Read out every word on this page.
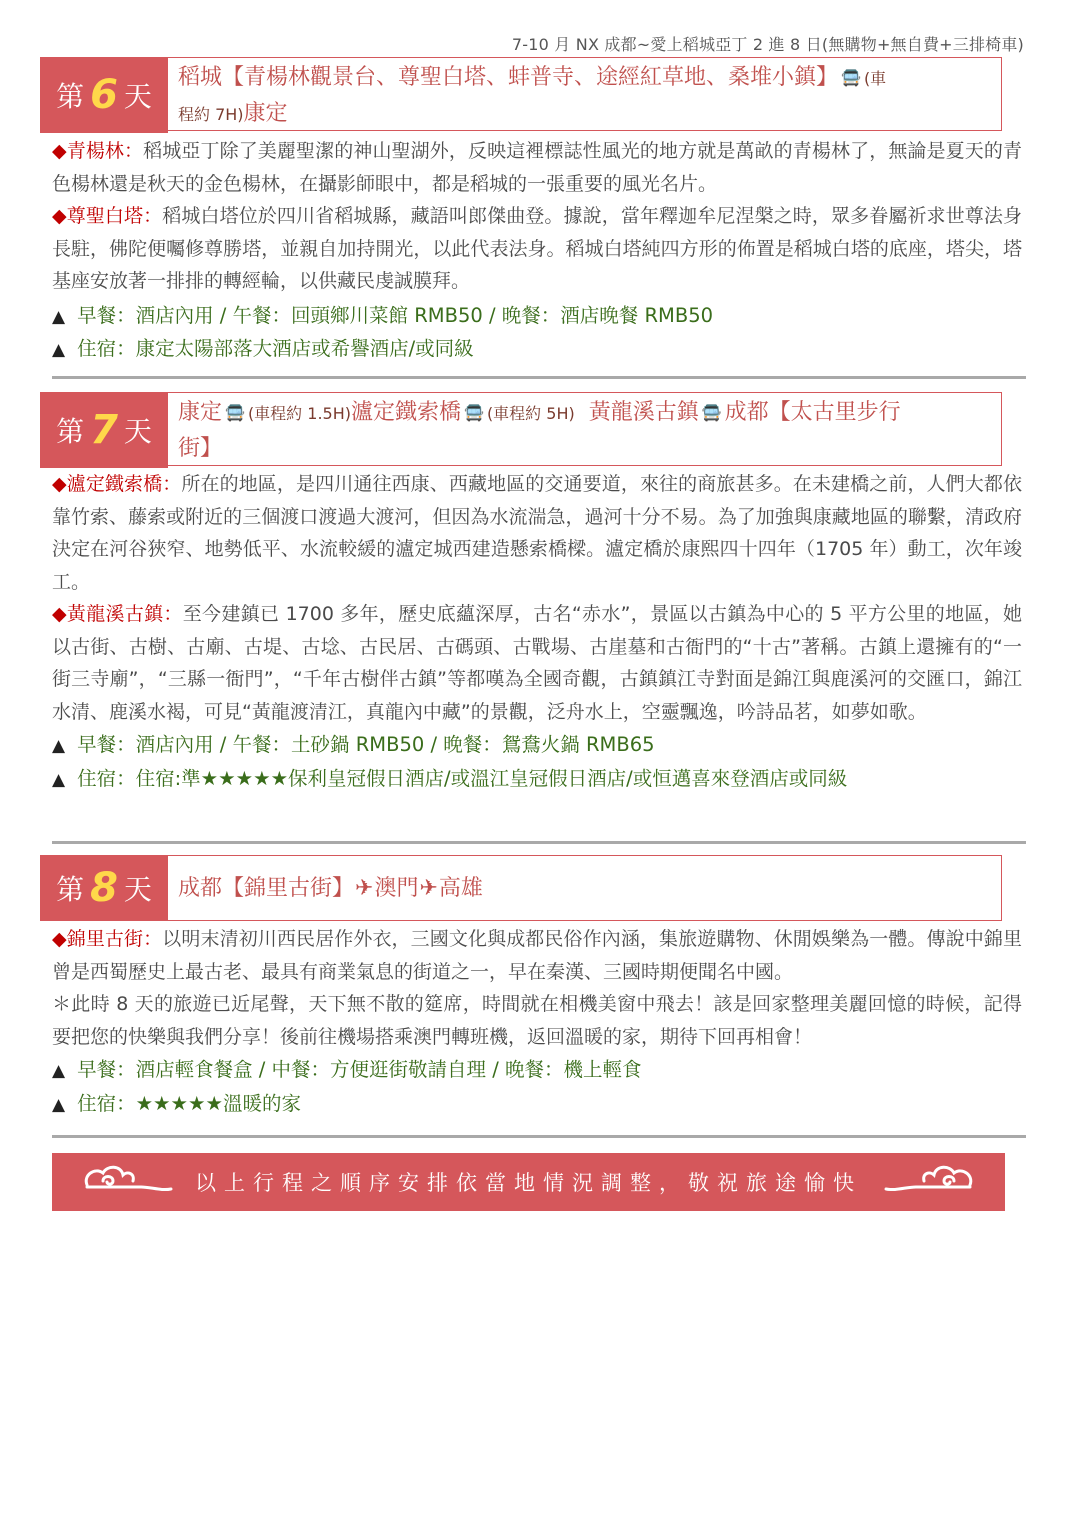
7-10 月 NX 成都~愛上稻城亞丁 2 進 8 日(無購物+無自費+三排椅車)
第 6 天
稻城【青楊林觀景台、尊聖白塔、蚌普寺、途經紅草地、桑堆小鎮】 🚍 (車
程約 7H)康定

◆青楊林：稻城亞丁除了美麗聖潔的神山聖湖外，反映這裡標誌性風光的地方就是萬畝的青楊林了，無論是夏天的青色楊林還是秋天的金色楊林，在攝影師眼中，都是稻城的一張重要的風光名片。

◆尊聖白塔：稻城白塔位於四川省稻城縣，藏語叫郎傑曲登。據說，當年釋迦牟尼涅槃之時，眾多眷屬祈求世尊法身長駐，佛陀便囑修尊勝塔，並親自加持開光，以此代表法身。稻城白塔純四方形的佈置是稻城白塔的底座，塔尖，塔基座安放著一排排的轉經輪，以供藏民虔誠膜拜。

▲ 早餐：酒店內用 / 午餐：回頭鄉川菜館 RMB50 / 晚餐：酒店晚餐 RMB50
▲ 住宿：康定太陽部落大酒店或希譽酒店/或同級
第 7 天
康定 🚍 (車程約 1.5H)瀘定鐵索橋 🚍 (車程約 5H) 黃龍溪古鎮 🚍 成都【太古里步行
街】

◆瀘定鐵索橋：所在的地區，是四川通往西康、西藏地區的交通要道，來往的商旅甚多。在未建橋之前，人們大都依靠竹索、藤索或附近的三個渡口渡過大渡河，但因為水流湍急，過河十分不易。為了加強與康藏地區的聯繫，清政府決定在河谷狹窄、地勢低平、水流較緩的瀘定城西建造懸索橋樑。瀘定橋於康熙四十四年（1705 年）動工，次年竣工。

◆黃龍溪古鎮：至今建鎮已 1700 多年，歷史底蘊深厚，古名“赤水”，景區以古鎮為中心的 5 平方公里的地區，她以古街、古樹、古廟、古堤、古埝、古民居、古碼頭、古戰場、古崖墓和古衙門的“十古”著稱。古鎮上還擁有的“一街三寺廟”，“三縣一衙門”，“千年古樹伴古鎮”等都嘆為全國奇觀，古鎮鎮江寺對面是錦江與鹿溪河的交匯口，錦江水清、鹿溪水褐，可見“黃龍渡清江，真龍內中藏”的景觀，泛舟水上，空靈飄逸，吟詩品茗，如夢如歌。

▲ 早餐：酒店內用 / 午餐：土砂鍋 RMB50 / 晚餐：鴛鴦火鍋 RMB65
▲ 住宿：住宿:準★★★★★保利皇冠假日酒店/或溫江皇冠假日酒店/或恒邁喜來登酒店或同級
第 8 天	成都【錦里古街】✈澳門✈高雄

◆錦里古街：以明末清初川西民居作外衣，三國文化與成都民俗作內涵，集旅遊購物、休閒娛樂為一體。傳說中錦里曾是西蜀歷史上最古老、最具有商業氣息的街道之一，早在秦漢、三國時期便聞名中國。

＊此時 8 天的旅遊已近尾聲，天下無不散的筵席，時間就在相機美窗中飛去！該是回家整理美麗回憶的時候，記得要把您的快樂與我們分享！後前往機場搭乘澳門轉班機，返回溫暖的家，期待下回再相會！

▲ 早餐：酒店輕食餐盒 / 中餐：方便逛街敬請自理 / 晚餐：機上輕食
▲ 住宿：★★★★★溫暖的家
以上行程之順序安排依當地情況調整，敬祝旅途愉快
